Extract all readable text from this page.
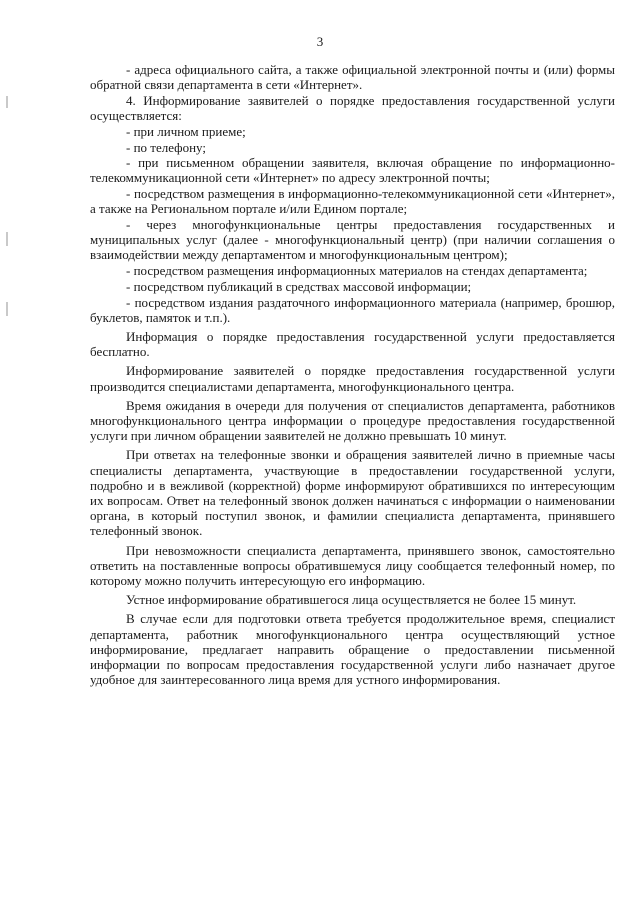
3

- адреса официального сайта, а также официальной электронной почты и (или) формы обратной связи департамента в сети «Интернет».

4. Информирование заявителей о порядке предоставления государственной услуги осуществляется:

- при личном приеме;

- по телефону;

- при письменном обращении заявителя, включая обращение по информационно-телекоммуникационной сети «Интернет» по адресу электронной почты;

- посредством размещения в информационно-телекоммуникационной сети «Интернет», а также на Региональном портале и/или Едином портале;

- через многофункциональные центры предоставления государственных и муниципальных услуг (далее - многофункциональный центр) (при наличии соглашения о взаимодействии между департаментом и многофункциональным центром);

- посредством размещения информационных материалов на стендах департамента;

- посредством публикаций в средствах массовой информации;

- посредством издания раздаточного информационного материала (например, брошюр, буклетов, памяток и т.п.).

Информация о порядке предоставления государственной услуги предоставляется бесплатно.

Информирование заявителей о порядке предоставления государственной услуги производится специалистами департамента, многофункционального центра.

Время ожидания в очереди для получения от специалистов департамента, работников многофункционального центра информации о процедуре предоставления государственной услуги при личном обращении заявителей не должно превышать 10 минут.

При ответах на телефонные звонки и обращения заявителей лично в приемные часы специалисты департамента, участвующие в предоставлении государственной услуги, подробно и в вежливой (корректной) форме информируют обратившихся по интересующим их вопросам. Ответ на телефонный звонок должен начинаться с информации о наименовании органа, в который поступил звонок, и фамилии специалиста департамента, принявшего телефонный звонок.

При невозможности специалиста департамента, принявшего звонок, самостоятельно ответить на поставленные вопросы обратившемуся лицу сообщается телефонный номер, по которому можно получить интересующую его информацию.

Устное информирование обратившегося лица осуществляется не более 15 минут.

В случае если для подготовки ответа требуется продолжительное время, специалист департамента, работник многофункционального центра осуществляющий устное информирование, предлагает направить обращение о предоставлении письменной информации по вопросам предоставления государственной услуги либо назначает другое удобное для заинтересованного лица время для устного информирования.
